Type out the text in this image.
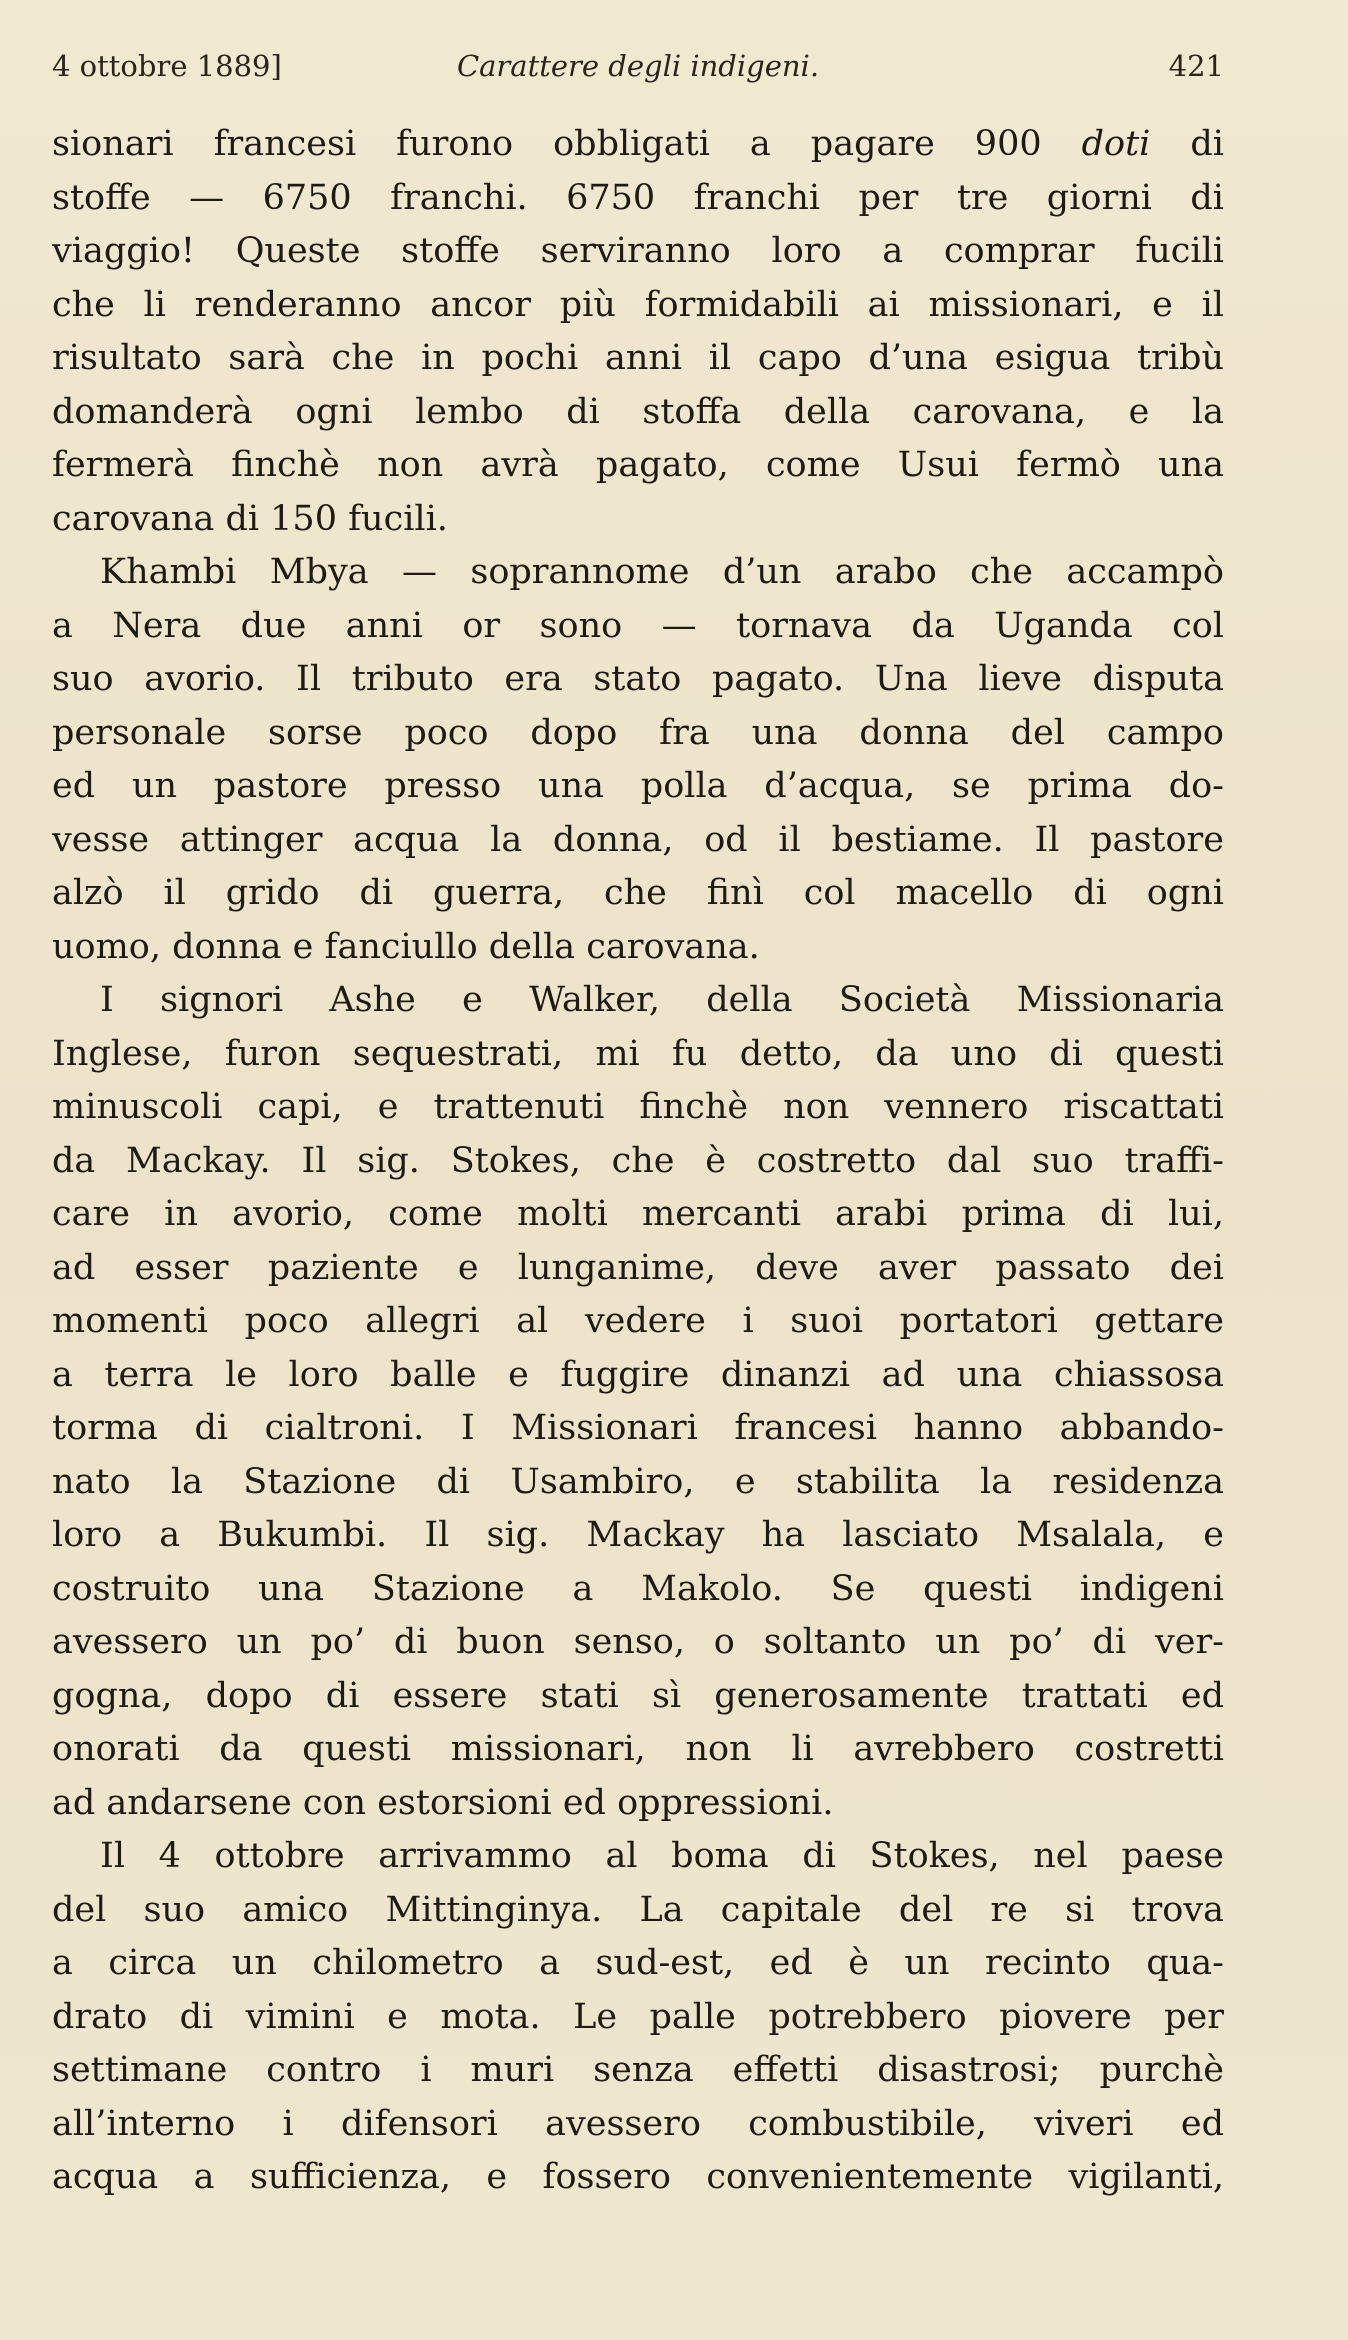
4 ottobre 1889]	Carattere degli indigeni.	421
sionari francesi furono obbligati a pagare 900 doti di
stoffe — 6750 franchi. 6750 franchi per tre giorni di
viaggio! Queste stoffe serviranno loro a comprar fucili
che li renderanno ancor più formidabili ai missionari, e il
risultato sarà che in pochi anni il capo d’una esigua tribù
domanderà ogni lembo di stoffa della carovana, e la
fermerà finchè non avrà pagato, come Usui fermò una
carovana di 150 fucili.
Khambi Mbya — soprannome d’un arabo che accampò
a Nera due anni or sono — tornava da Uganda col
suo avorio. Il tributo era stato pagato. Una lieve disputa
personale sorse poco dopo fra una donna del campo
ed un pastore presso una polla d’acqua, se prima do-
vesse attinger acqua la donna, od il bestiame. Il pastore
alzò il grido di guerra, che finì col macello di ogni
uomo, donna e fanciullo della carovana.
I signori Ashe e Walker, della Società Missionaria
Inglese, furon sequestrati, mi fu detto, da uno di questi
minuscoli capi, e trattenuti finchè non vennero riscattati
da Mackay. Il sig. Stokes, che è costretto dal suo traffi-
care in avorio, come molti mercanti arabi prima di lui,
ad esser paziente e lunganime, deve aver passato dei
momenti poco allegri al vedere i suoi portatori gettare
a terra le loro balle e fuggire dinanzi ad una chiassosa
torma di cialtroni. I Missionari francesi hanno abbando-
nato la Stazione di Usambiro, e stabilita la residenza
loro a Bukumbi. Il sig. Mackay ha lasciato Msalala, e
costruito una Stazione a Makolo. Se questi indigeni
avessero un po’ di buon senso, o soltanto un po’ di ver-
gogna, dopo di essere stati sì generosamente trattati ed
onorati da questi missionari, non li avrebbero costretti
ad andarsene con estorsioni ed oppressioni.
Il 4 ottobre arrivammo al boma di Stokes, nel paese
del suo amico Mittinginya. La capitale del re si trova
a circa un chilometro a sud-est, ed è un recinto qua-
drato di vimini e mota. Le palle potrebbero piovere per
settimane contro i muri senza effetti disastrosi; purchè
all’interno i difensori avessero combustibile, viveri ed
acqua a sufficienza, e fossero convenientemente vigilanti,
